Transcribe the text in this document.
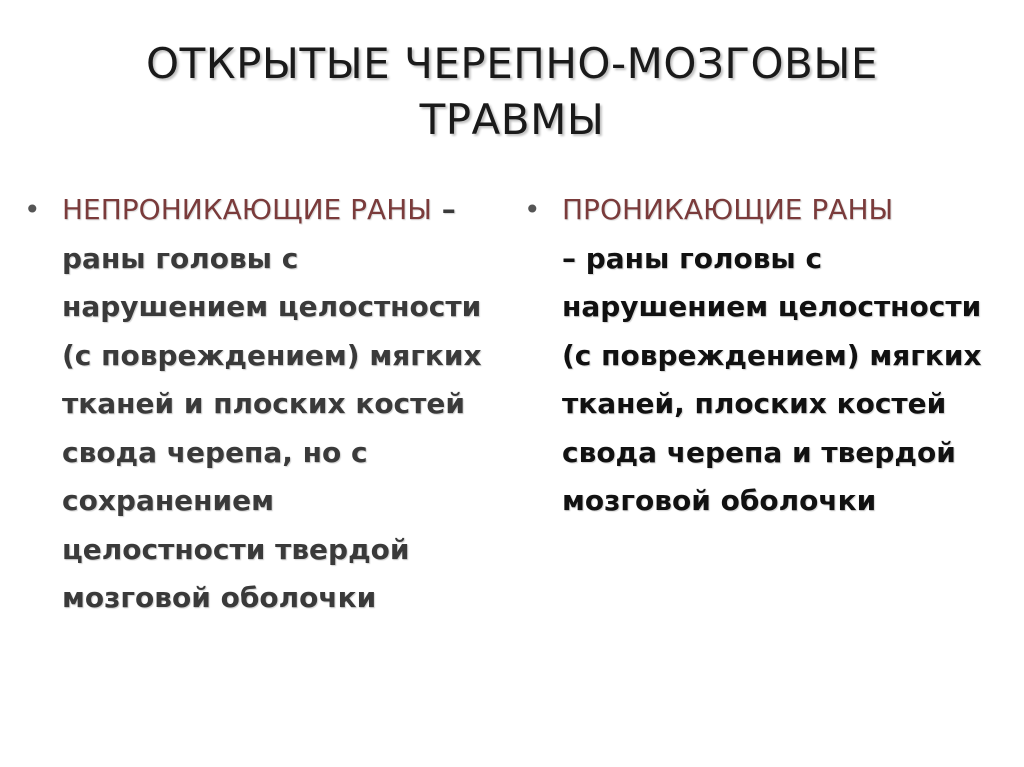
ОТКРЫТЫЕ ЧЕРЕПНО-МОЗГОВЫЕ
ТРАВМЫ
• НЕПРОНИКАЮЩИЕ РАНЫ – раны головы с нарушением целостности (с повреждением) мягких тканей и плоских костей свода черепа, но с сохранением целостности твердой мозговой оболочки
• ПРОНИКАЮЩИЕ РАНЫ
– раны головы с нарушением целостности (с повреждением) мягких тканей, плоских костей свода черепа и твердой мозговой оболочки
